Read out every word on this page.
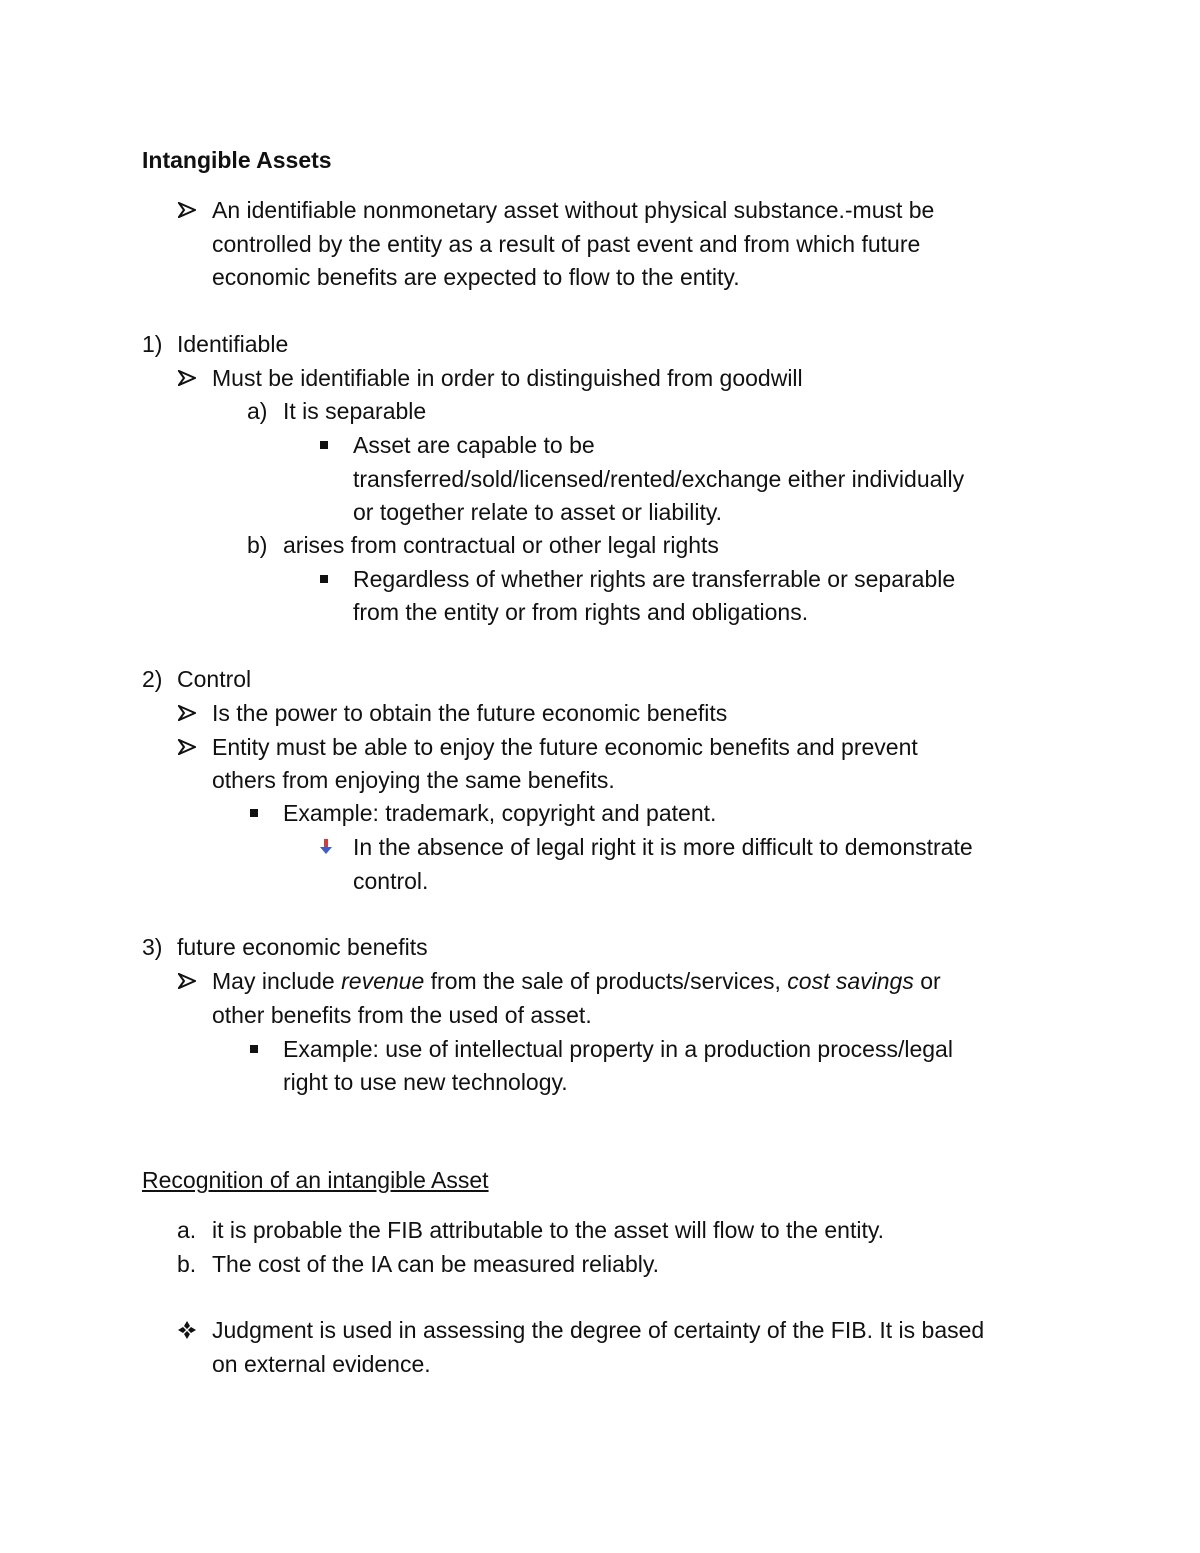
Intangible Assets
An identifiable nonmonetary asset without physical substance.-must be
controlled by the entity as a result of past event and from which future
economic benefits are expected to flow to the entity.
1) Identifiable
Must be identifiable in order to distinguished from goodwill
a) It is separable
Asset are capable to be
transferred/sold/licensed/rented/exchange either individually
or together relate to asset or liability.
b) arises from contractual or other legal rights
Regardless of whether rights are transferrable or separable
from the entity or from rights and obligations.
2) Control
Is the power to obtain the future economic benefits
Entity must be able to enjoy the future economic benefits and prevent
others from enjoying the same benefits.
Example: trademark, copyright and patent.
In the absence of legal right it is more difficult to demonstrate
control.
3) future economic benefits
May include revenue from the sale of products/services, cost savings or
other benefits from the used of asset.
Example: use of intellectual property in a production process/legal
right to use new technology.
Recognition of an intangible Asset
a. it is probable the FIB attributable to the asset will flow to the entity.
b. The cost of the IA can be measured reliably.
Judgment is used in assessing the degree of certainty of the FIB. It is based
on external evidence.
